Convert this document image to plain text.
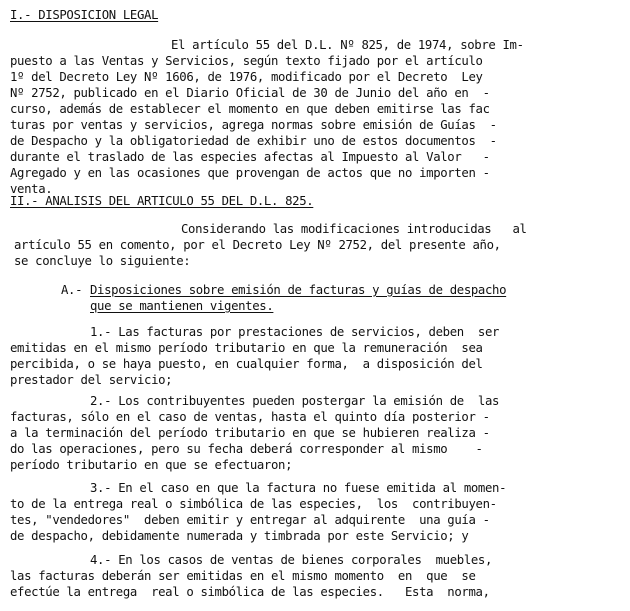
I.- DISPOSICION LEGAL
El artículo 55 del D.L. Nº 825, de 1974, sobre Im-
puesto a las Ventas y Servicios, según texto fijado por el artículo
1º del Decreto Ley Nº 1606, de 1976, modificado por el Decreto  Ley
Nº 2752, publicado en el Diario Oficial de 30 de Junio del año en  -
curso, además de establecer el momento en que deben emitirse las fac
turas por ventas y servicios, agrega normas sobre emisión de Guías  -
de Despacho y la obligatoriedad de exhibir uno de estos documentos  -
durante el traslado de las especies afectas al Impuesto al Valor   -
Agregado y en las ocasiones que provengan de actos que no importen -
venta.
II.- ANALISIS DEL ARTICULO 55 DEL D.L. 825.
Considerando las modificaciones introducidas   al
artículo 55 en comento, por el Decreto Ley Nº 2752, del presente año,
se concluye lo siguiente:
A.- Disposiciones sobre emisión de facturas y guías de despacho
que se mantienen vigentes.
1.- Las facturas por prestaciones de servicios, deben  ser
emitidas en el mismo período tributario en que la remuneración  sea
percibida, o se haya puesto, en cualquier forma,  a disposición del
prestador del servicio;
2.- Los contribuyentes pueden postergar la emisión de  las
facturas, sólo en el caso de ventas, hasta el quinto día posterior -
a la terminación del período tributario en que se hubieren realiza -
do las operaciones, pero su fecha deberá corresponder al mismo    -
período tributario en que se efectuaron;
3.- En el caso en que la factura no fuese emitida al momen-
to de la entrega real o simbólica de las especies,  los  contribuyen-
tes, "vendedores"  deben emitir y entregar al adquirente  una guía -
de despacho, debidamente numerada y timbrada por este Servicio; y
4.- En los casos de ventas de bienes corporales  muebles,
las facturas deberán ser emitidas en el mismo momento  en  que  se
efectúe la entrega  real o simbólica de las especies.   Esta  norma,
